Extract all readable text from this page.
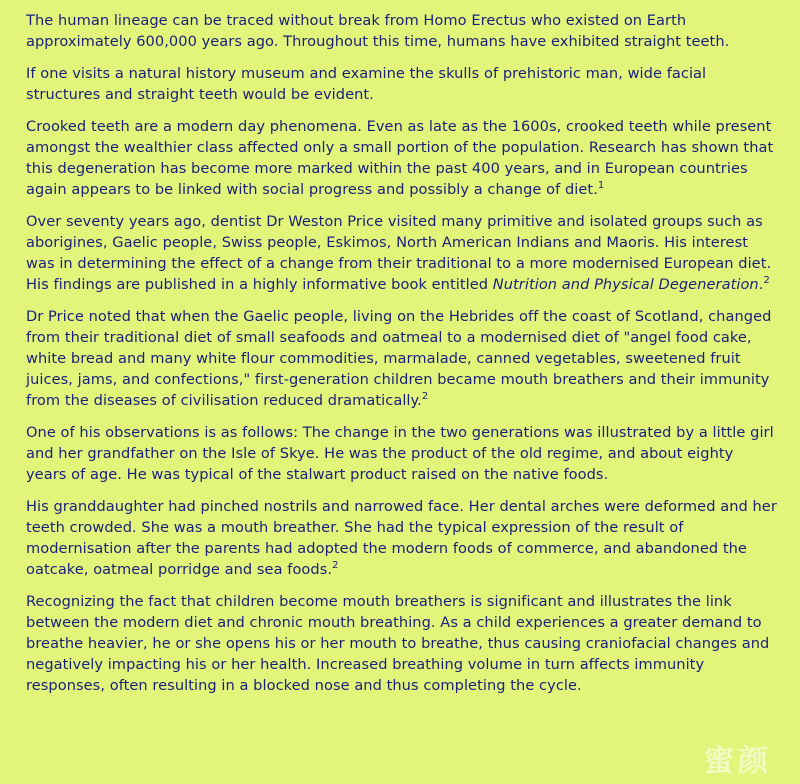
The human lineage can be traced without break from Homo Erectus who existed on Earth approximately 600,000 years ago. Throughout this time, humans have exhibited straight teeth.

If one visits a natural history museum and examine the skulls of prehistoric man, wide facial structures and straight teeth would be evident.

Crooked teeth are a modern day phenomena. Even as late as the 1600s, crooked teeth while present amongst the wealthier class affected only a small portion of the population. Research has shown that this degeneration has become more marked within the past 400 years, and in European countries again appears to be linked with social progress and possibly a change of diet.$^1$

Over seventy years ago, dentist Dr Weston Price visited many primitive and isolated groups such as aborigines, Gaelic people, Swiss people, Eskimos, North American Indians and Maoris. His interest was in determining the effect of a change from their traditional to a more modernised European diet. His findings are published in a highly informative book entitled Nutrition and Physical Degeneration.$^2$

Dr Price noted that when the Gaelic people, living on the Hebrides off the coast of Scotland, changed from their traditional diet of small seafoods and oatmeal to a modernised diet of "angel food cake, white bread and many white flour commodities, marmalade, canned vegetables, sweetened fruit juices, jams, and confections," first-generation children became mouth breathers and their immunity from the diseases of civilisation reduced dramatically.$^2$

One of his observations is as follows: The change in the two generations was illustrated by a little girl and her grandfather on the Isle of Skye. He was the product of the old regime, and about eighty years of age. He was typical of the stalwart product raised on the native foods.

His granddaughter had pinched nostrils and narrowed face. Her dental arches were deformed and her teeth crowded. She was a mouth breather. She had the typical expression of the result of modernisation after the parents had adopted the modern foods of commerce, and abandoned the oatcake, oatmeal porridge and sea foods.$^2$

Recognizing the fact that children become mouth breathers is significant and illustrates the link between the modern diet and chronic mouth breathing. As a child experiences a greater demand to breathe heavier, he or she opens his or her mouth to breathe, thus causing craniofacial changes and negatively impacting his or her health. Increased breathing volume in turn affects immunity responses, often resulting in a blocked nose and thus completing the cycle.

蜜颜
